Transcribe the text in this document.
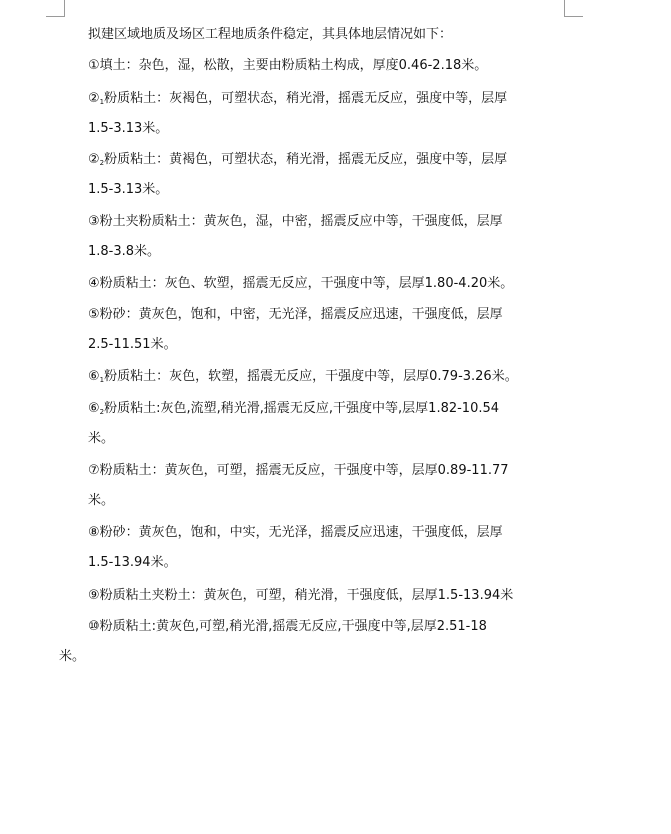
拟建区域地质及场区工程地质条件稳定，其具体地层情况如下：
①填土：杂色，湿，松散，主要由粉质粘土构成，厚度0.46-2.18米。
$②_1$粉质粘土：灰褐色，可塑状态，稍光滑，摇震无反应，强度中等，层厚
1.5-3.13米。
$②_2$粉质粘土：黄褐色，可塑状态，稍光滑，摇震无反应，强度中等，层厚
1.5-3.13米。
③粉土夹粉质粘土：黄灰色，湿，中密，摇震反应中等，干强度低，层厚
1.8-3.8米。
④粉质粘土：灰色、软塑，摇震无反应，干强度中等，层厚1.80-4.20米。
⑤粉砂：黄灰色，饱和，中密，无光泽，摇震反应迅速，干强度低，层厚
2.5-11.51米。
$⑥_1$粉质粘土：灰色，软塑，摇震无反应，干强度中等，层厚0.79-3.26米。
$⑥_2$粉质粘土:灰色,流塑,稍光滑,摇震无反应,干强度中等,层厚1.82-10.54
米。
⑦粉质粘土：黄灰色，可塑，摇震无反应，干强度中等，层厚0.89-11.77
米。
⑧粉砂：黄灰色，饱和，中实，无光泽，摇震反应迅速，干强度低，层厚
1.5-13.94米。
⑨粉质粘土夹粉土：黄灰色，可塑，稍光滑，干强度低，层厚1.5-13.94米
⑩粉质粘土:黄灰色,可塑,稍光滑,摇震无反应,干强度中等,层厚2.51-18
米。
